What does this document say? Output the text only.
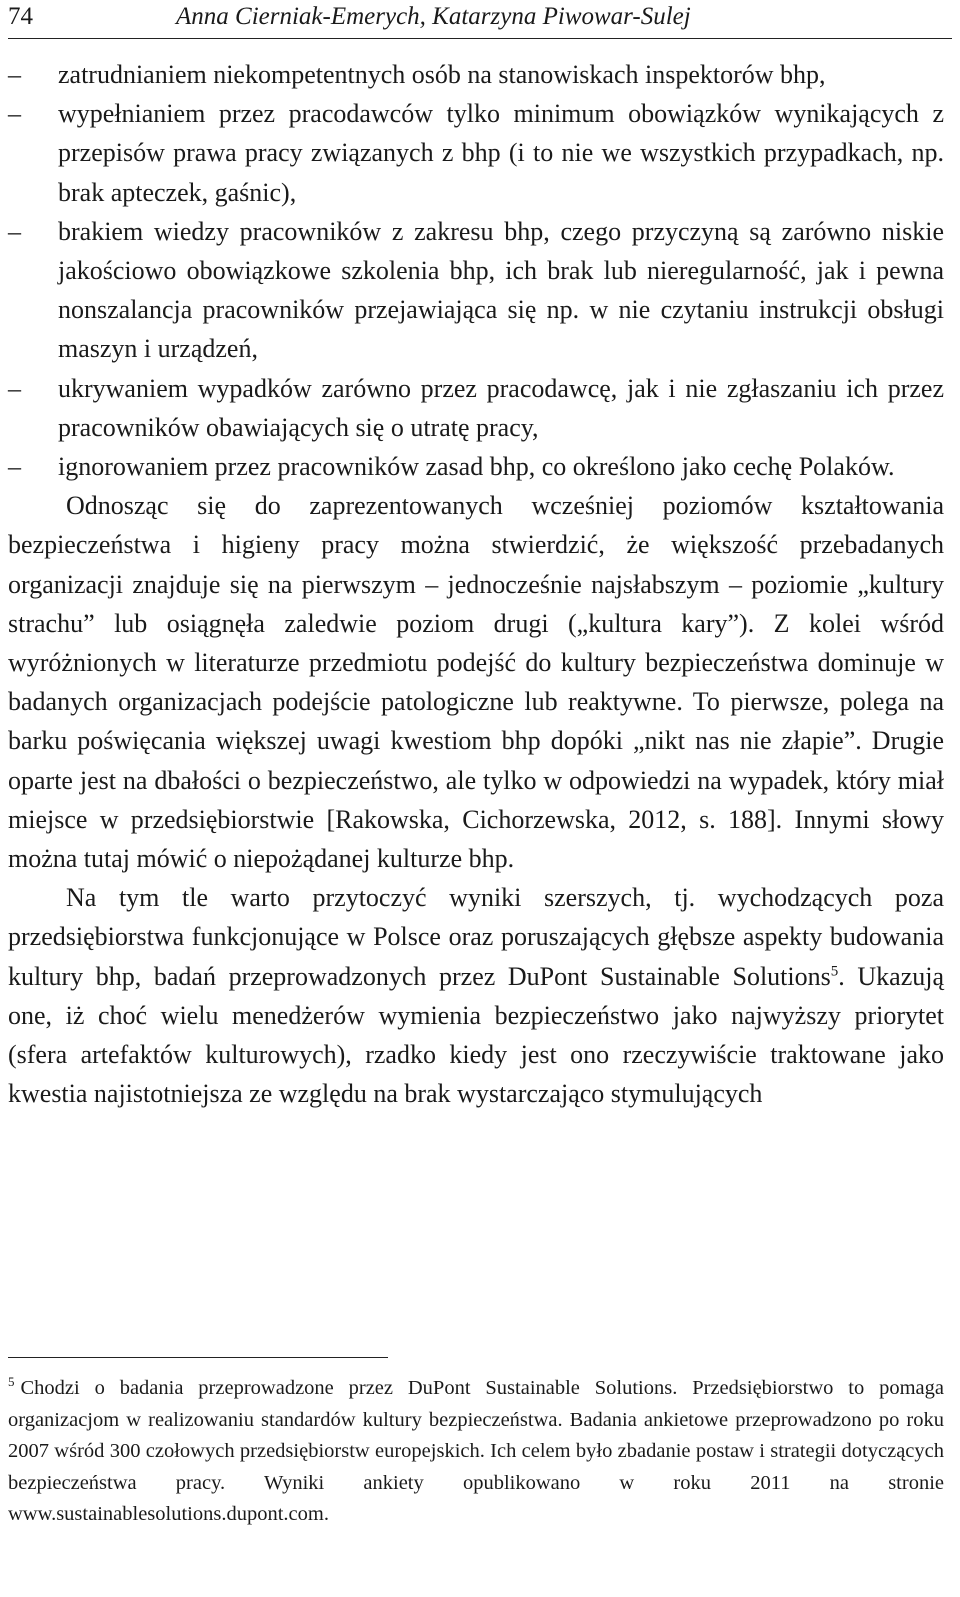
74	Anna Cierniak-Emerych, Katarzyna Piwowar-Sulej
– zatrudnianiem niekompetentnych osób na stanowiskach inspektorów bhp,
– wypełnianiem przez pracodawców tylko minimum obowiązków wynikających z przepisów prawa pracy związanych z bhp (i to nie we wszystkich przypadkach, np. brak apteczek, gaśnic),
– brakiem wiedzy pracowników z zakresu bhp, czego przyczyną są zarówno niskie jakościowo obowiązkowe szkolenia bhp, ich brak lub nieregularność, jak i pewna nonszalancja pracowników przejawiająca się np. w nie czytaniu instrukcji obsługi maszyn i urządzeń,
– ukrywaniem wypadków zarówno przez pracodawcę, jak i nie zgłaszaniu ich przez pracowników obawiających się o utratę pracy,
– ignorowaniem przez pracowników zasad bhp, co określono jako cechę Polaków.

Odnosząc się do zaprezentowanych wcześniej poziomów kształtowania bezpieczeństwa i higieny pracy można stwierdzić, że większość przebadanych organizacji znajduje się na pierwszym – jednocześnie najsłabszym – poziomie „kultury strachu” lub osiągnęła zaledwie poziom drugi („kultura kary”). Z kolei wśród wyróżnionych w literaturze przedmiotu podejść do kultury bezpieczeństwa dominuje w badanych organizacjach podejście patologiczne lub reaktywne. To pierwsze, polega na barku poświęcania większej uwagi kwestiom bhp dopóki „nikt nas nie złapie”. Drugie oparte jest na dbałości o bezpieczeństwo, ale tylko w odpowiedzi na wypadek, który miał miejsce w przedsiębiorstwie [Rakowska, Cichorzewska, 2012, s. 188]. Innymi słowy można tutaj mówić o niepożądanej kulturze bhp.

Na tym tle warto przytoczyć wyniki szerszych, tj. wychodzących poza przedsiębiorstwa funkcjonujące w Polsce oraz poruszających głębsze aspekty budowania kultury bhp, badań przeprowadzonych przez DuPont Sustainable Solutions$^5$. Ukazują one, iż choć wielu menedżerów wymienia bezpieczeństwo jako najwyższy priorytet (sfera artefaktów kulturowych), rzadko kiedy jest ono rzeczywiście traktowane jako kwestia najistotniejsza ze względu na brak wystarczająco stymulujących

$^5$ Chodzi o badania przeprowadzone przez DuPont Sustainable Solutions. Przedsiębiorstwo to pomaga organizacjom w realizowaniu standardów kultury bezpieczeństwa. Badania ankietowe przeprowadzono po roku 2007 wśród 300 czołowych przedsiębiorstw europejskich. Ich celem było zbadanie postaw i strategii dotyczących bezpieczeństwa pracy. Wyniki ankiety opublikowano w roku 2011 na stronie www.sustainablesolutions.dupont.com.
